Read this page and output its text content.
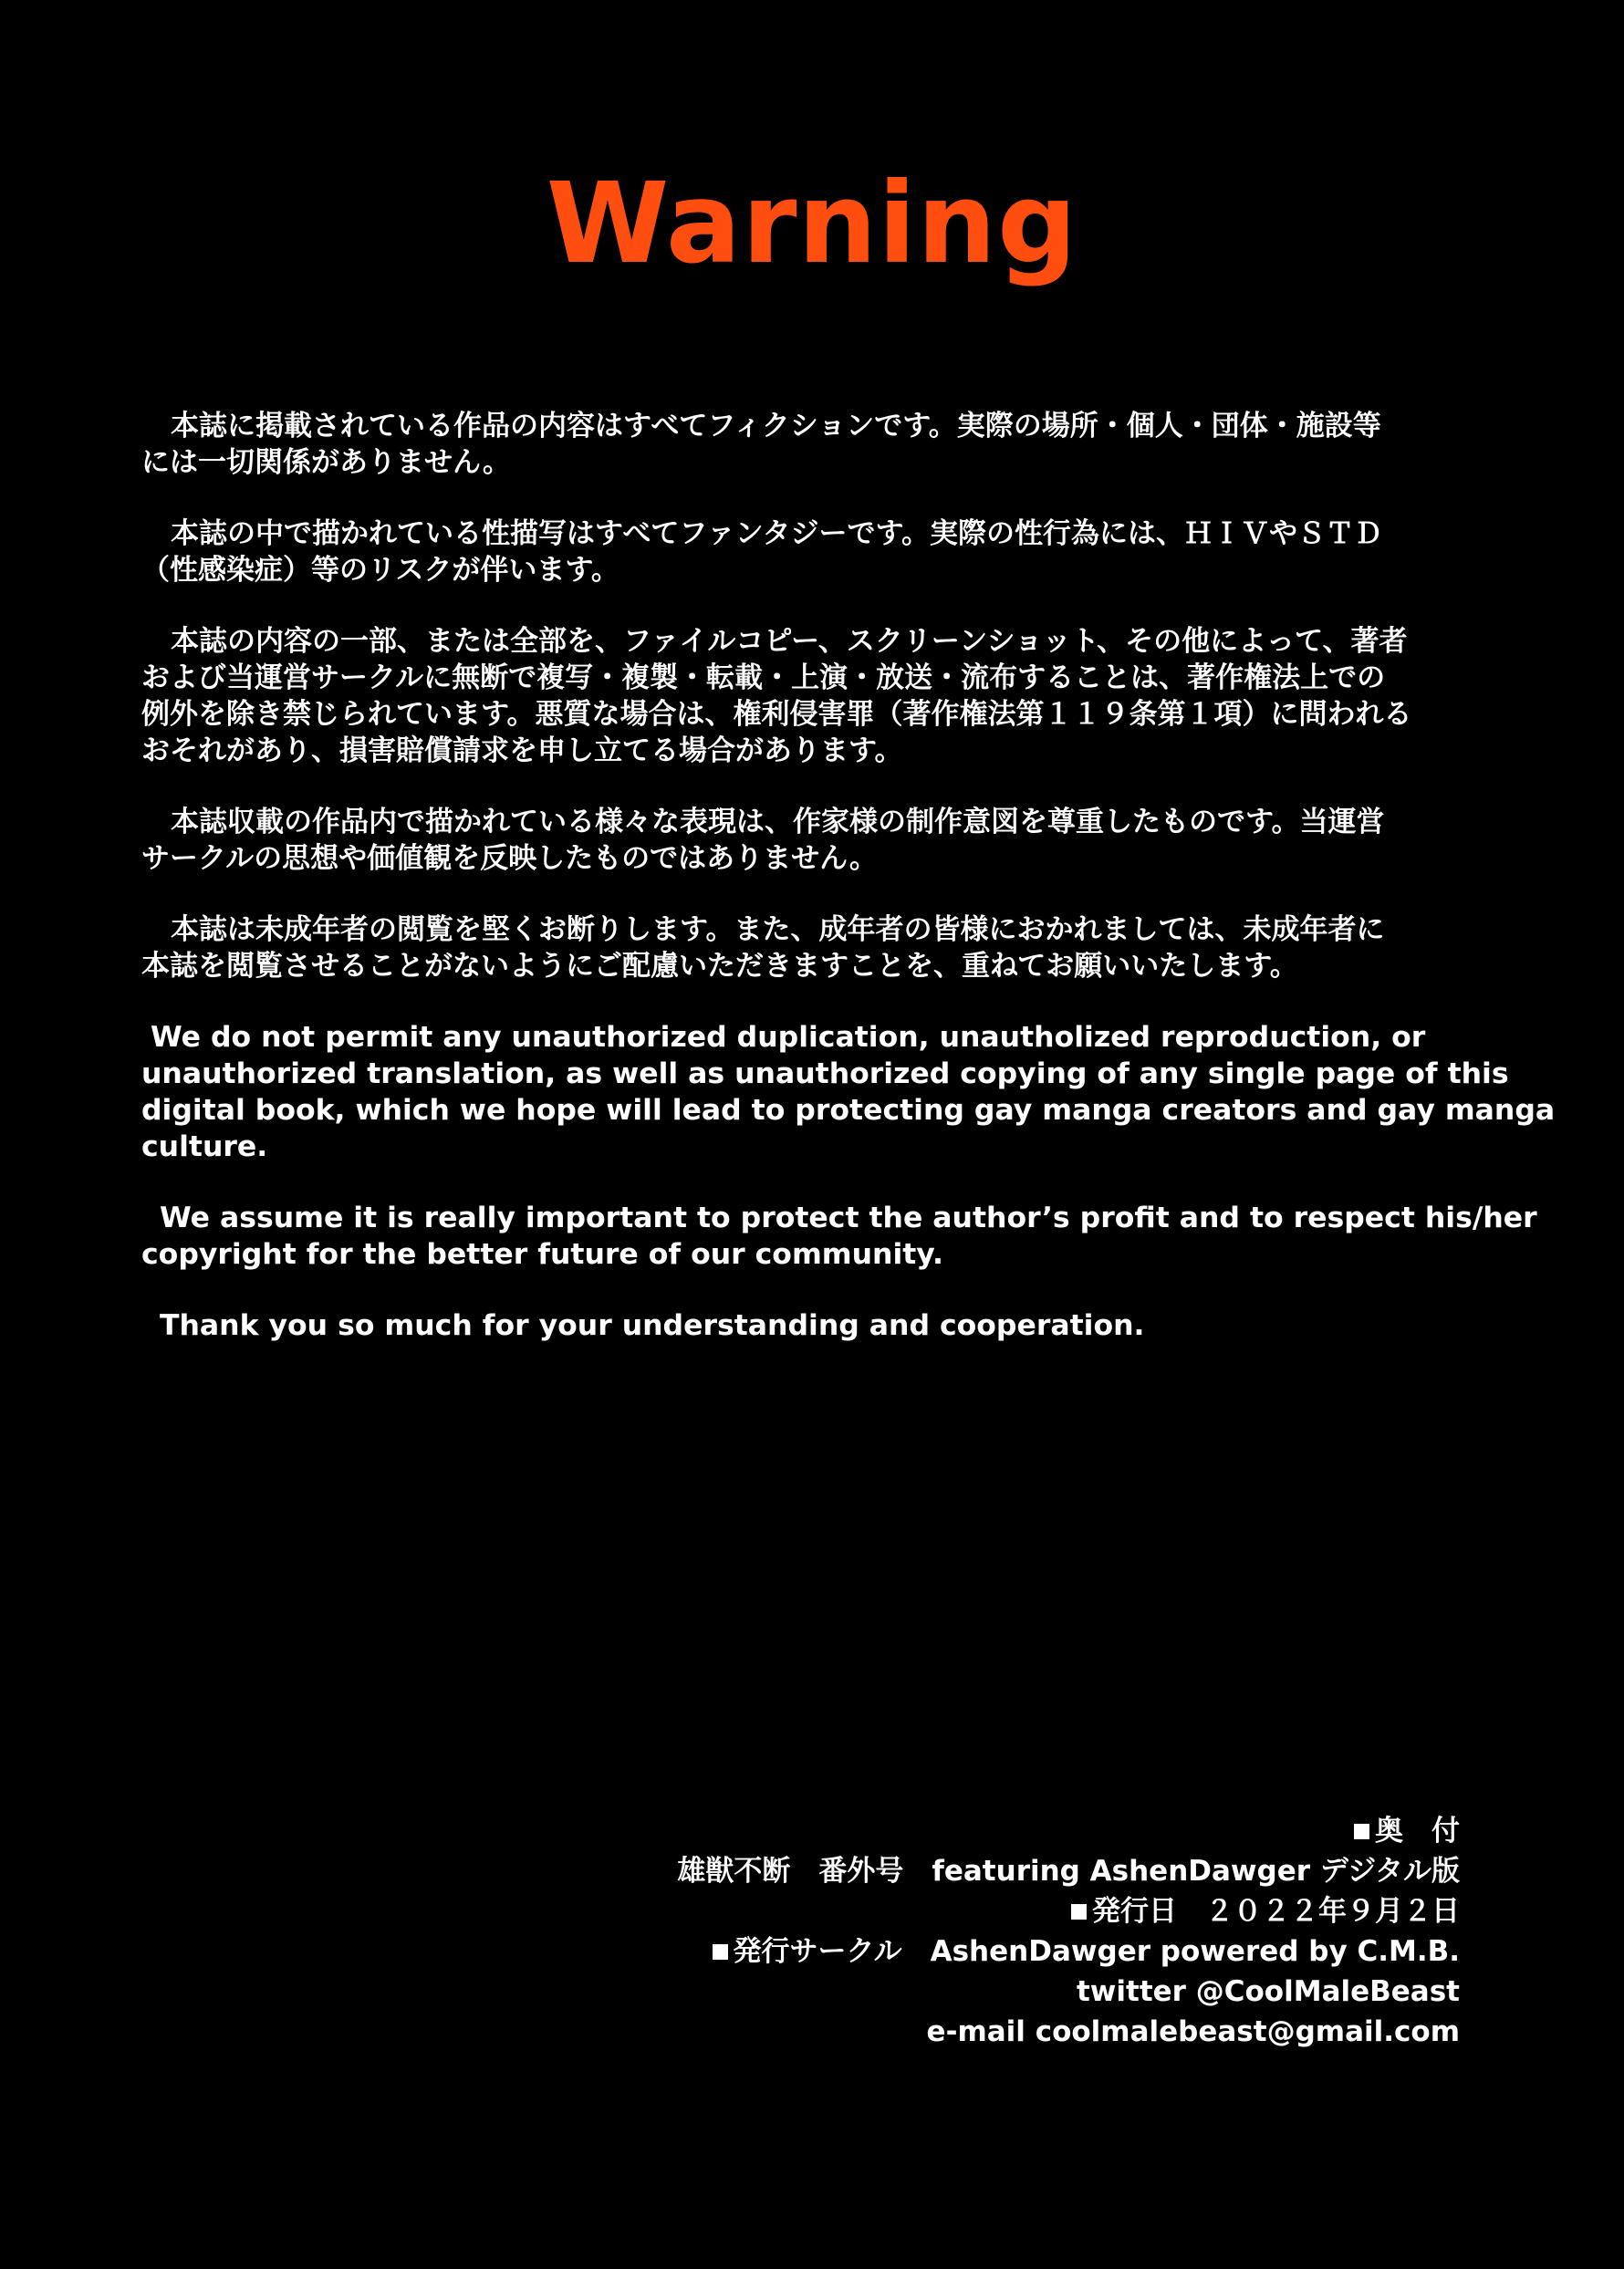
Warning

本誌に掲載されている作品の内容はすべてフィクションです。実際の場所・個人・団体・施設等
には一切関係がありません。

本誌の中で描かれている性描写はすべてファンタジーです。実際の性行為には、ＨＩＶやＳＴＤ
（性感染症）等のリスクが伴います。

本誌の内容の一部、または全部を、ファイルコピー、スクリーンショット、その他によって、著者
および当運営サークルに無断で複写・複製・転載・上演・放送・流布することは、著作権法上での
例外を除き禁じられています。悪質な場合は、権利侵害罪（著作権法第１１９条第１項）に問われる
おそれがあり、損害賠償請求を申し立てる場合があります。

本誌収載の作品内で描かれている様々な表現は、作家様の制作意図を尊重したものです。当運営
サークルの思想や価値観を反映したものではありません。

本誌は未成年者の閲覧を堅くお断りします。また、成年者の皆様におかれましては、未成年者に
本誌を閲覧させることがないようにご配慮いただきますことを、重ねてお願いいたします。

We do not permit any unauthorized duplication, unautholized reproduction, or
unauthorized translation, as well as unauthorized copying of any single page of this
digital book, which we hope will lead to protecting gay manga creators and gay manga
culture.

We assume it is really important to protect the author’s profit and to respect his/her
copyright for the better future of our community.

Thank you so much for your understanding and cooperation.

奥　付
雄獣不断　番外号　featuring AshenDawger デジタル版
発行日　 ２０２２年９月２日
発行サークル　 AshenDawger powered by C.M.B.
twitter @CoolMaleBeast
e-mail coolmalebeast@gmail.com
